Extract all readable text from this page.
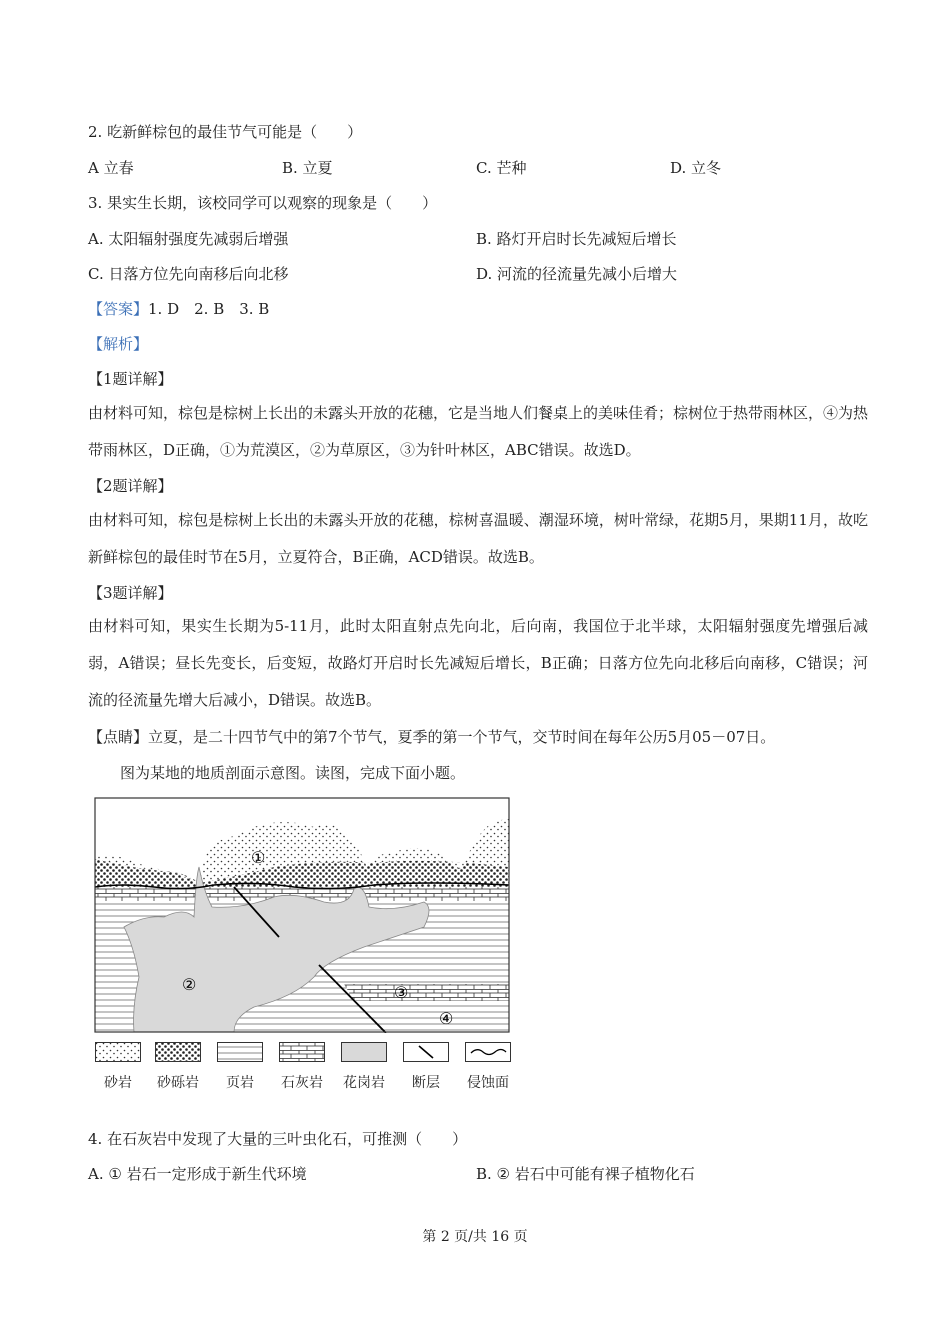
2. 吃新鲜棕包的最佳节气可能是（　　）
A 立春	B. 立夏	C. 芒种	D. 立冬
3. 果实生长期，该校同学可以观察的现象是（　　）
A. 太阳辐射强度先减弱后增强	B. 路灯开启时长先减短后增长
C. 日落方位先向南移后向北移	D. 河流的径流量先减小后增大
【答案】1. D　2. B　3. B
【解析】
【1题详解】
由材料可知，棕包是棕树上长出的未露头开放的花穗，它是当地人们餐桌上的美味佳肴；棕树位于热带雨林区，④为热带雨林区，D正确，①为荒漠区，②为草原区，③为针叶林区，ABC错误。故选D。
【2题详解】
由材料可知，棕包是棕树上长出的未露头开放的花穗，棕树喜温暖、潮湿环境，树叶常绿，花期5月，果期11月，故吃新鲜棕包的最佳时节在5月，立夏符合，B正确，ACD错误。故选B。
【3题详解】
由材料可知，果实生长期为5-11月，此时太阳直射点先向北，后向南，我国位于北半球，太阳辐射强度先增强后减弱，A错误；昼长先变长，后变短，故路灯开启时长先减短后增长，B正确；日落方位先向北移后向南移，C错误；河流的径流量先增大后减小，D错误。故选B。
【点睛】立夏，是二十四节气中的第7个节气，夏季的第一个节气，交节时间在每年公历5月05－07日。
图为某地的地质剖面示意图。读图，完成下面小题。
①
②	③
④
砂岩	砂砾岩	页岩	石灰岩 花岗岩	断层	侵蚀面
4. 在石灰岩中发现了大量的三叶虫化石，可推测（　　）
A. ① 岩石一定形成于新生代环境	B. ② 岩石中可能有裸子植物化石
第 2 页/共 16 页
